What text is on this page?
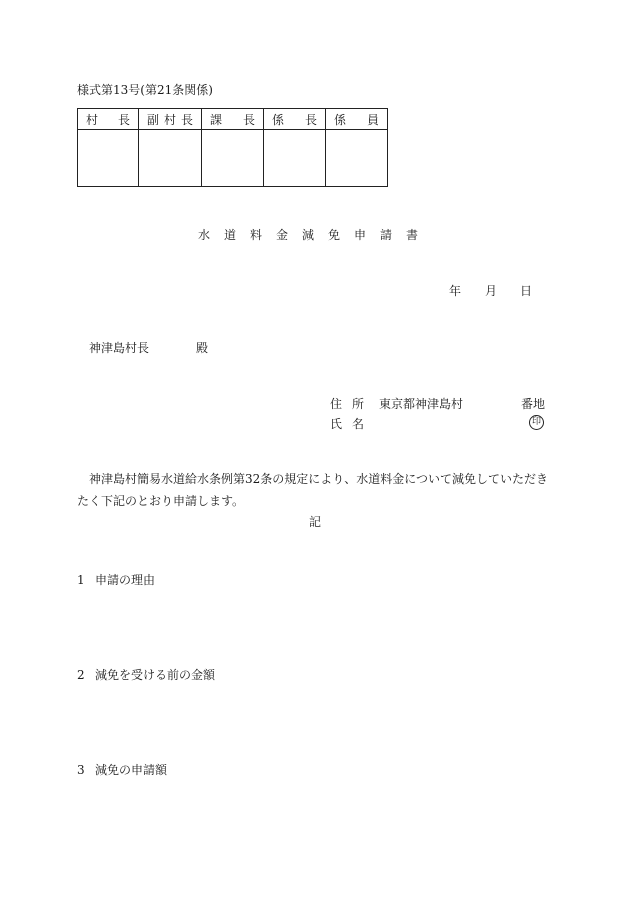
様式第13号(第21条関係)
村 長	副 村 長	課 長	係 長	係 員

水道料金減免申請書
年 月 日
神津島村長	殿
住所 東京都神津島村	番地
氏名	印
神津島村簡易水道給水条例第32条の規定により、水道料金について減免していただきたく下記のとおり申請します。
記
1 申請の理由
2 減免を受ける前の金額
3 減免の申請額
